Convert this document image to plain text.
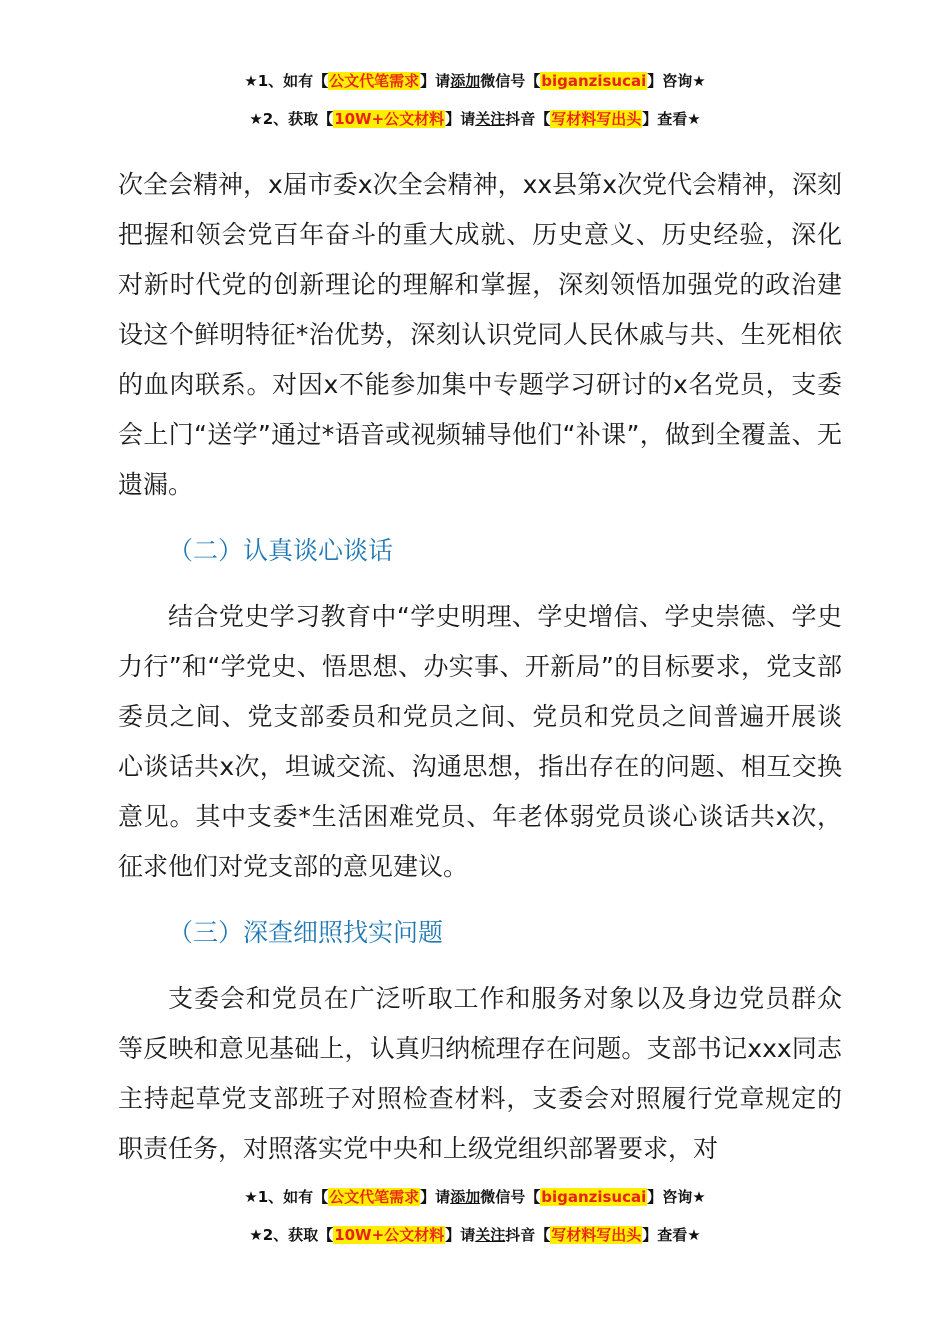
★1、如有【公文代笔需求】请添加微信号【biganzisucai】咨询★
★2、获取【10W+公文材料】请关注抖音【写材料写出头】查看★

次全会精神，x届市委x次全会精神，xx县第x次党代会精神，深刻把握和领会党百年奋斗的重大成就、历史意义、历史经验，深化对新时代党的创新理论的理解和掌握，深刻领悟加强党的政治建设这个鲜明特征*治优势，深刻认识党同人民休戚与共、生死相依的血肉联系。对因x不能参加集中专题学习研讨的x名党员，支委会上门“送学”通过*语音或视频辅导他们“补课”，做到全覆盖、无遗漏。

（二）认真谈心谈话

结合党史学习教育中“学史明理、学史增信、学史崇德、学史力行”和“学党史、悟思想、办实事、开新局”的目标要求，党支部委员之间、党支部委员和党员之间、党员和党员之间普遍开展谈心谈话共x次，坦诚交流、沟通思想，指出存在的问题、相互交换意见。其中支委*生活困难党员、年老体弱党员谈心谈话共x次，征求他们对党支部的意见建议。

（三）深查细照找实问题

支委会和党员在广泛听取工作和服务对象以及身边党员群众等反映和意见基础上，认真归纳梳理存在问题。支部书记xxx同志主持起草党支部班子对照检查材料，支委会对照履行党章规定的职责任务，对照落实党中央和上级党组织部署要求，对

★1、如有【公文代笔需求】请添加微信号【biganzisucai】咨询★
★2、获取【10W+公文材料】请关注抖音【写材料写出头】查看★
